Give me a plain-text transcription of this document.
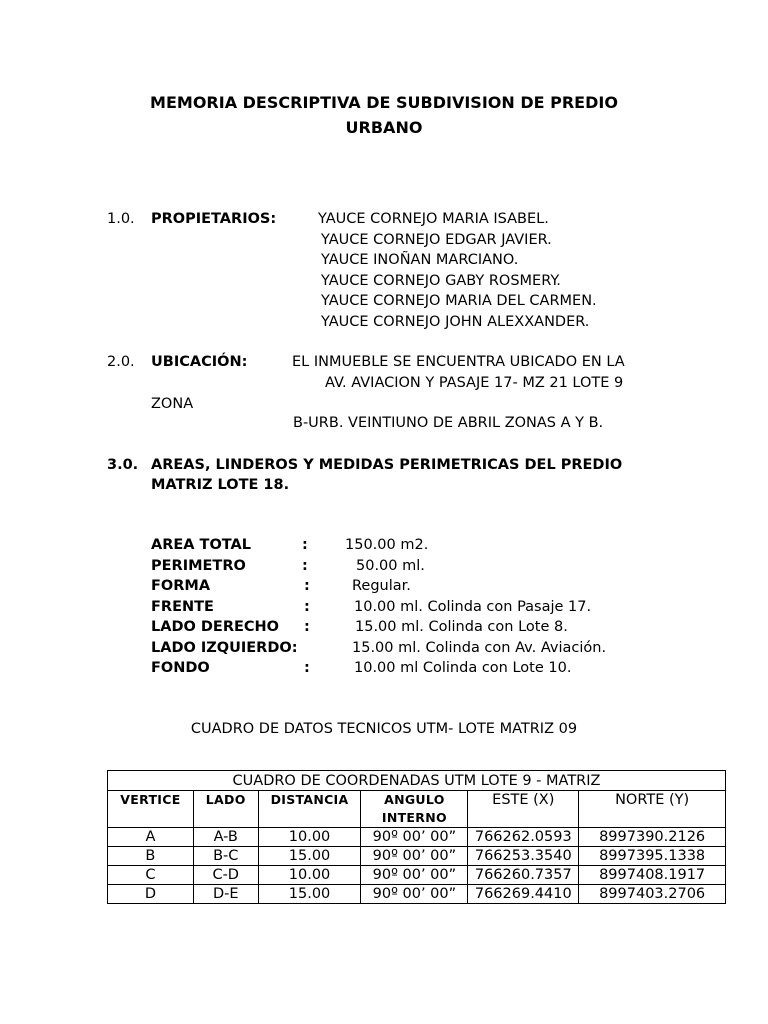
MEMORIA DESCRIPTIVA DE SUBDIVISION DE PREDIO
URBANO
1.0. PROPIETARIOS:	YAUCE CORNEJO MARIA ISABEL.
YAUCE CORNEJO EDGAR JAVIER.
YAUCE INOÑAN MARCIANO.
YAUCE CORNEJO GABY ROSMERY.
YAUCE CORNEJO MARIA DEL CARMEN.
YAUCE CORNEJO JOHN ALEXXANDER.
2.0. UBICACIÓN:	EL INMUEBLE SE ENCUENTRA UBICADO EN LA
AV. AVIACION Y PASAJE 17- MZ 21 LOTE 9
ZONA
B-URB. VEINTIUNO DE ABRIL ZONAS A Y B.
3.0. AREAS, LINDEROS Y MEDIDAS PERIMETRICAS DEL PREDIO
MATRIZ LOTE 18.
AREA TOTAL	:	150.00 m2.
PERIMETRO	:	50.00 ml.
FORMA	:	Regular.
FRENTE	:	10.00 ml. Colinda con Pasaje 17.
LADO DERECHO :	15.00 ml. Colinda con Lote 8.
LADO IZQUIERDO:	15.00 ml. Colinda con Av. Aviación.
FONDO	:	10.00 ml Colinda con Lote 10.
CUADRO DE DATOS TECNICOS UTM- LOTE MATRIZ 09
CUADRO DE COORDENADAS UTM LOTE 9 - MATRIZ					
VERTICE	LADO	DISTANCIA	ANGULO INTERNO	ESTE (X)	NORTE (Y)
A	A-B	10.00	90º 00’ 00”	766262.0593	8997390.2126
B	B-C	15.00	90º 00’ 00”	766253.3540	8997395.1338
C	C-D	10.00	90º 00’ 00”	766260.7357	8997408.1917
D	D-E	15.00	90º 00’ 00”	766269.4410	8997403.2706
